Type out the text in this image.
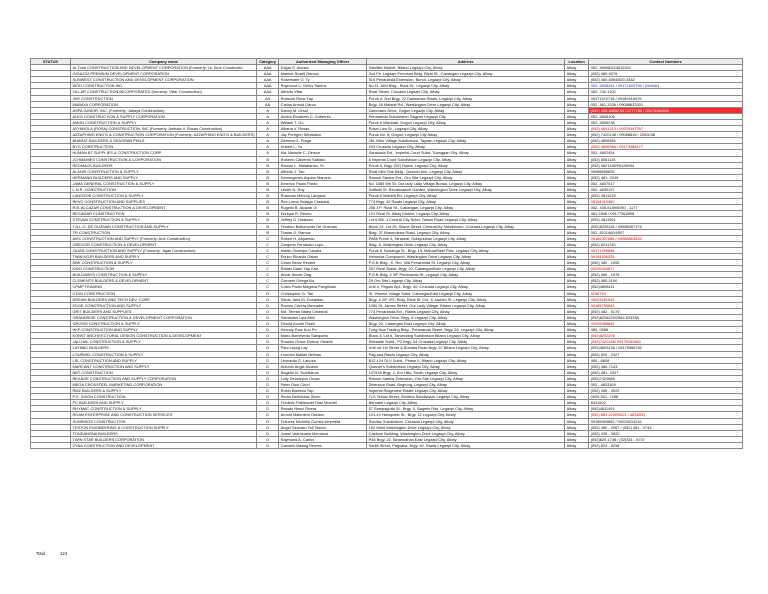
STATUS	Company name	Category	Authorized Managing Officer	Address	Location	Contact Numbers
	Ar-Tone CONSTRUCTION AND DEVELOPMENT CORPORATION (Formerly: Le-Tone Constructio	AAA	Edgar S. Acosta	Satellite Market, Bitano Legazpi City, Albay	Albay	052- 4800820/4815342
	GIGAZZA PREMIUM DEVELOPMENT CORPORATION	AAA	Maribel Rosell Ramos	2nd Flr. Legazpi Premium Bldg. Rizal St., Cabangan Legazpi City, Albay	Albay	(052) 480-9276
	SUNWEST CONSTRUCTION AND DEVELOPMENT CORPORATION	AAA	Rosemarie O. Ty	515 Penaranda Extension, Bonot, Legazpi City, Albay	Albay	(052) 480-6064/820-3342
	WOD CONSTRUCTION INC.	AAA	Raymund C. Delos Santos	No.11 J&M Bldg., Rizal St., Legazpi City, Albay	Albay	052- 4808441 / 09171609796 / (Mobile)
	VILLAR CONSTRUCTION INCORPORATED (formerly: Villar Construction)	AAA	Alfredo Villar	Rizal Street, Cruzada Legazpi City, Albay	Albay	052- 742-1102
	JMY CONSTRUCTION	AA	Rolando Rene Yap	Purok 4, 2nd Brgy. 22 Dakbanwa Rawis, Legazpi City, Albay	Albay	09171572716 / 09189418476
	MABAYA CORPORATION	AA	Carlos Arnold Llarca	Brgy. 16 Mabinit Rd., Washington Drive Legazpi City, Albay	Albay	052- 481-3336 / 09088633301
	ASPA JUNIOR, INC. (Formerly: Jabaya Construction)	A	Danny M. Orsal	Zamorano Drive, Gogon Legazpi City, Albay	Albay	(052) 480-8886/09172277788 / 09178080026
	ALEG CONSTRUCTION & SUPPLY CORPORATION	A	Almira Elizabeth C. Gutierrez	Penaranda Subdivision Sagpon Legazpi City	Albay	052- 4808106
	AMGD CONSTRUCTION & SUPPLY	A	William T. Go	Purok 6 Mabinab, Gogon Legazpi City, Albay	Albay	052- 4805238
	AYYANOLA (ROSA) CONSTRUCTION, INC.(Formerly: Ambala V. Rosas Construction)	A	Albana V. Rosas	Rosal Liza St., Legazpi City, Albay	Albay	(052) 4801213 / 09209147297
	AZZAPHINO ENG'G & CONSTRUCTION CORPORATION (Formerly: AZZAPHINO ENG'G & BUILDERS)	A	Jay Peregrin Sebastian	Purok No. 5, Gogon, Legazpi City Albay	Albay	(052) 7420148 / 09088818 / 2050038
	BHARAT BUILDERS & SEAGRAB PHILS.	A	Gemma G. Fraga	26L Nitro Village Subdivision, Taysan Legazpi City, Albay	Albay	(052) 4806551
	BYG CONSTRUCTION	A	Hubert L. Yu	203 Cruzada Legazpi City, Albay	Albay	(052) 4806966 / 09173588177
	HUMAN BT SUPPLIES & CONSTRUCTION CORP.	A	Ma. Melanie C. Dinson	Saratoma Ext., Imperial Court Subd. Tuanggan City, Albay	Albay	052- 4802454
	JCHMANIES CONSTRUCTION & CORPORATION	B	Roberto Calvento Sabado	8 Imperial Court Subdivision Legazpi City, Albay	Albay	(052) 8061118
	REDMACK BUILDERS	B	Ramon L. Malabanan, Sr.	Purok 5, Brgy. (52) Rawis, Legazpi City, Albay	Albay	(052) 4821196/09128954
	ALANIS CONSTRUCTION & SUPPLY	B	Alfredo J. Tan	Rizal Mini One Bldg., Quezon Ave. Legazpi City, Albay	Albay	09088656626
	HERMANN BUILDERS AND SUPPLY	B	Hermogenes Aquino Marcelo	Ramon Santos Ext., Oro Site Legazpi City, Albay	Albay	(052) 481- 3249
	JAMA GENERAL CONSTRUCTION & SUPPLY	B	Emerico Paulo Pardo	No. 1085 5th St. Our lady Lady Village Bonao, Legazpi City, Albay	Albay	052- 4807017
	L.N.R. CONSTRUCTION	B	Lester N. Roy	Daffodil St. Renaissance Garden, Washington Drive Legazpi City, Albay	Albay	052- 4830157
	LANGSOS CONSTRUCTION & SUPPLY	B	Rosevan Mercoy Langsos	Purok 6 Mabinit Rd, Legazpi City, Albay	Albay	(052) 4811225
	RKVC CONSTRUCTION AND SUPPLIES	B	Rex Lorna Hidalgo Cristobal	774 Brgy. 42 Rawis Legazpi City, Albay	Albay	09164310460
	R.B. ALCAZAR CONSTRUCTION & DEVELOPMENT	B	Rogelio B. Alcazar Jr.	258 J.P. Rizal St., Cabangan, Legazpi City, Albay	Albay	052- 435-6189/5050 - 1177
	RECAMAR CONSTRUCTION	B	Enrique R. Reneo	121 Rizal St. Albay District, Legazpi City, Albay	Albay	481-2848 / 09177062898
	STEVAN CONSTRUCTION & SUPPLY	B	Jeffrey D. Dealaan	Lot 6 Blk. 1 Central City Subd. Taisan Road Legazpi City, Albay	Albay	(052) 4811061
	T.A.L.O. DE GUZMAN CONSTRUCTION AND SUPPLY	B	Teodoro Bellomonte De Guzman	Block 24, Lot 25, Silane Street, CentralCity Subdivision, Cruzada Legazpi City, Albay	Albay	(052)8205118 / 09088057175
	TR CONSTRUCTION	B	Tomas G. Ramos	Bldg. 37 Brasrudinwi Road, Legazpi City, Albay	Albay	052- 8211460/4507
	AVIC CONSTRUCTION AND SUPPLY (Formerly: Avic Construction)	C	Robert H. Alqueridu	P888 Purok 4, Taraseal, Gulayduban Legazpi City, Albay	Albay	09185307686 / 09088863535
	GREGOR CONSTRUCTION & DEVELOPMENT	C	Gregorio Fernando Lopo	Bldg. 6, Washington Drive Legazpi City, Albay	Albay	(052) 8211740
	JAJAN CONSTRUCTION AND SUPPLY (Formerly: Jajan Construction)	C	Martin Ocampo Casalla	Purok 6, Bonanga St., Brgy. 15, MabuaSteel Psts. Legazpi City, Albay	Albay	09171396646
	TWIN KGJR BUILDERS AND SUPPLY	C	Enrico Ricardo Gatan	Hermosa Compound, Washington Drive Legazpi City, Albay	Albay	09154356025
	DBK CONSTRUCTION & SUPPLY	C	Cesar Beniz Reobel	P.G.B Bldg., K. Rm. 308 Penaranda St. Legazpi City, Albay	Albay	(052) 480 - 1955
	KWO CONSTRUCTION	C	Rafael Dator Yap Kiwi	257 Rizal Street, Brgy. 20, CabanganKwin Legazpi City, Albay	Albay	09209344677
	BUILDWAYS CONSTRUCTION & SUPPLY	C	Annie Nicole Ong	P.G.B Bldg. 2 3/F Penaranda St. Legazpi City, Albay	Albay	(052) 480 - 1578
	CLEMENTS BUILDERS & DEVELOPMENT	C	Clement Ortega Ilio	29 Oro Site Legazpi City, Albay	Albay	(052) 480-0190
	CPMP TRADING	C	Costo Padio Magana Pangilinan	Unit 4, Paguio Apt., Brgy. 40, Cruzada Legazpi City, Albay	Albay	(052)4808411
	CTAN CONSTRUCTION	D	Christopher G. Tan	St. Vincent Village Subd. CabanganEast Legazpi City, Albay	Albay	4255754
	DREAM BUILDERS AND TECH DEV. CORP.	D	Santo Jane M. Donaldon	Brgy. 4 2/F JPC Bldg. Rizal St. Cor. K.Jacinto St. Legazpi City, Albay	Albay	09223281643
	EDGE CONSTRUCTION AND SUPPLY	D	Ramon Cerera Mercader	1050 St. James Street, Our Lady Village, Bitano Legazpi City, Albay	Albay	09185755643
	GRIT BUILDERS AND SUPPLIES	D	Ma. Teresa Nidea Cristobal	774 Penaranda Ext., Rawis Legazpi City, Albay	Albay	(052) 482 - 5179
	GRANDRISE CONSTRUCTION & DEVELOPMENT CORPORATION	D	Sebastian Lipa Abril	Washington Drive, Brgy. 8 Legazpi City, Albay	Albay	(052)8206220/2564 603338
	GROSSI CONSTRUCTION & SUPPLY	D	Gerold Acorle Rosin	Brgy. 20, Cabangan East Legazpi City, Albay	Albay	09209388849
	HKP CONSTRUCTION AND SUPPLY	D	Herculy Ruiz Kuo Po	Tung Hua Trading Bldg., Penaranda Street, Brgy. 26, Legazpi City, Albay	Albay	480- 0986
	KONST ARCHITECTURAL DESIGN CONSTRUCTION & DEVELOPMENT	D	Mario Bomevedo Sanqueta	Block 3, Lot 6, Tanchuling Subdivision Bitano Legazpi City, Albay	Albay	(052)8202206
	JAU-HAL CONSTRUCTION & SUPPLY	D	Rosario Grace Diokno Oblarte	Reinalde Subd., P2 Brgy. 64 Cruzada Legazpi City, Albay	Albay	(052)7420156/ 09175152660
	LAYMAC BUILDERS	D	Paul Layug Lay	Unit xxl 1st Street & Buntala Road Brgy. 37 Bitano Legazpi City, Albay	Albay	(052)4803138 / 09179566782
	LOURMEL CONSTRUCTION & SUPPLY	D	Lourdes Mallari Belinas	Pag-asa Rawis Legazpi City, Albay	Albay	(052) 820 - 2327
	LSL CONSTRUCTION AND SUPPLY	D	Leonardo S. Lanuza	B12 L24 OLV Subd., Phase II, Bitano Legazpi City, Albay	Albay	480 - 6608
	MARCANT CONSTRUCTION AND SUPPLY	D	Antonio Angle Alcalos	Quezon's Subdivision Legazpi City, Albay	Albay	(052) 480-7143
	NBT CONSTRUCTION	D	Nogelio N. Tuorillanos	107918 Brgy. 2, Em Hills, South Legazpi City, Albay	Albay	(052) 481- 4337
	REXAGE CONSTRUCTION AND SUPPLY CORPORATION	D	Lolly Declazyon Orosa	Ramon Santos Extension, Oro Site Legazpi City, Albay	Albay	(052)7420580
	MEGA CROSSTEEL MARKETING CORPORATION	D	Peter Guin Chun	Diversion Road, Bogtong, Legazpi City, Albay	Albay	052 - 4833169
	RMZ BUILDERS & SUPPLY	D	Robin Barreda Yap	Imperial Ridgeview Estate Legazpi City, Albay	Albay	(052) 280 - 4922
	P.G. SIXON CONSTRUCTION	D	Pedro Bertolotas Sixon	71S Yellow Street, Buntina Subdivision Legazpi City, Albay	Albay	0926-521- 7286
	PC BUILDERS AND SUPPLY	D	Frederic Pablenciet Diaz Moedel	Bernabe Legazpi City, Albay	Albay	8341502
	RHYMAC CONSTRUCTION & SUPPLY	D	Renato Nesci Rivera	57 Sampaguita St., Brgy. 5, Sagmin Rds. Legazpi City, Albay	Albay	(052)4811491
	ROAM ENTERPRISE AND CONSTRUCTION SERVICES	D	Arnold Malenlers Oscano	101-10 Hamquest St., Brgy. 12 Legazpi City, Albay	Albay	(052) 881 2292/0621 / 4834831
	SUNRIDGE CONSTRUCTION	D	Frances Michelle Gomez Arrendita	Sunrise Subdivision, Cruzada Legazpi City, Albay	Albay	09185959802 / 09229434216
	TESTON ENGINEERING & CONSTRUCTION SUPPLY	D	Angel Geocarn Tall Teston	162 West Washington Drive Legazpi City, Albay	Albay	(052) 480 - 2067 / (052) 481 - 0743
	TONDANGNA BUILDERS	D	Jomel Valenzuela Mendoza	Caldone Building, Washington Drive Legazpi City, Albay	Albay	(052) 435 - 3920
	TWIN STAR BUILDERS CORPORATION	D	Raymond A. Carlos	P48 Brgy. 22, Binanuahan East Legazpi City, Albay	Albay	(052)820-1738 / (02)341 - 8747
	ZYNA CONSTRUCTION AND DEVELOPMENT	D	Carmelo Bassig Recree	Sarkit Street, Pagsaka, Brgy. 40, Rawis Legazpi City, Albay	Albay	(052) 823 - 8298
Total	124
